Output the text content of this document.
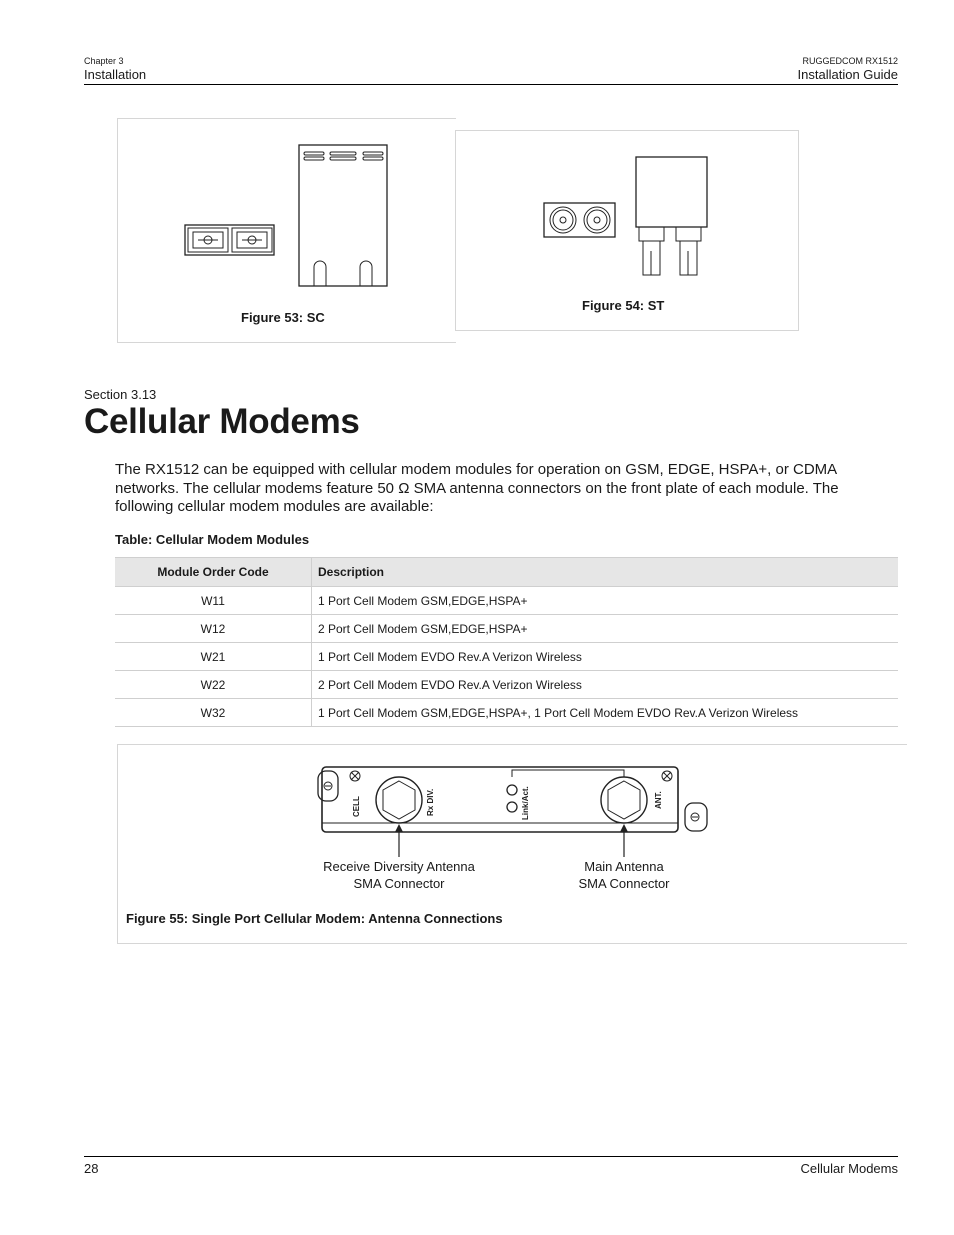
Chapter 3
Installation
RUGGEDCOM RX1512
Installation Guide
Figure 53: SC
Figure 54: ST
Section 3.13
Cellular Modems
The RX1512 can be equipped with cellular modem modules for operation on GSM, EDGE, HSPA+, or CDMA
networks. The cellular modems feature 50 Ω SMA antenna connectors on the front plate of each module. The
following cellular modem modules are available:
Table: Cellular Modem Modules
Module Order Code	Description
W11	1 Port Cell Modem GSM,EDGE,HSPA+
W12	2 Port Cell Modem GSM,EDGE,HSPA+
W21	1 Port Cell Modem EVDO Rev.A Verizon Wireless
W22	2 Port Cell Modem EVDO Rev.A Verizon Wireless
W32	1 Port Cell Modem GSM,EDGE,HSPA+, 1 Port Cell Modem EVDO Rev.A Verizon Wireless
CELL	Rx DIV.	Link/Act.	ANT.
Receive Diversity Antenna
SMA Connector
Main Antenna
SMA Connector
Figure 55: Single Port Cellular Modem: Antenna Connections
28	Cellular Modems
